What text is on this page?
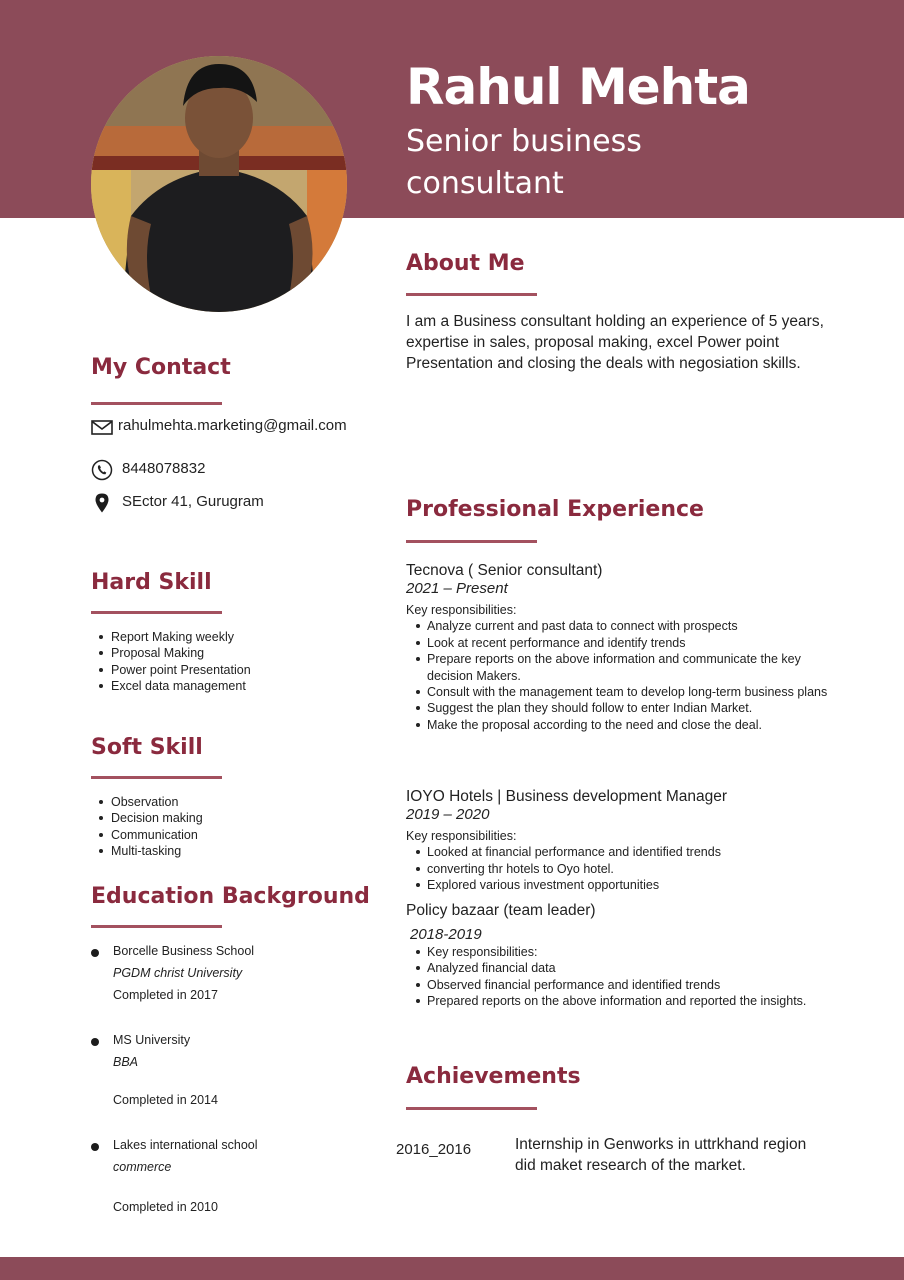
Rahul Mehta
Senior business consultant
About Me
I am a Business consultant holding an experience of 5 years, expertise in sales, proposal making, excel Power point Presentation and closing the deals with negosiation skills.
My Contact
rahulmehta.marketing@gmail.com
8448078832
SEctor 41, Gurugram
Hard Skill
Report Making weekly
Proposal Making
Power point Presentation
Excel data management
Soft Skill
Observation
Decision making
Communication
Multi-tasking
Education Background
Borcelle Business School
PGDM christ University
Completed in 2017
MS University
BBA
Completed in 2014
Lakes international school
commerce
Completed in 2010
Professional Experience
Tecnova ( Senior consultant)
2021 – Present
Key responsibilities:
Analyze current and past data to connect with prospects
Look at recent performance and identify trends
Prepare reports on the above information and communicate the key decision Makers.
Consult with the management team to develop long-term business plans
Suggest the plan they should follow to enter Indian Market.
Make the proposal according to the need and close the deal.
IOYO Hotels | Business development Manager
2019 – 2020
Key responsibilities:
Looked at financial performance and identified trends
converting thr hotels to Oyo hotel.
Explored various investment opportunities
Policy bazaar (team leader)
2018-2019
Key responsibilities:
Analyzed financial data
Observed financial performance and identified trends
Prepared reports on the above information and reported the insights.
Achievements
2016_2016	Internship in Genworks in uttrkhand region did maket research of the market.
